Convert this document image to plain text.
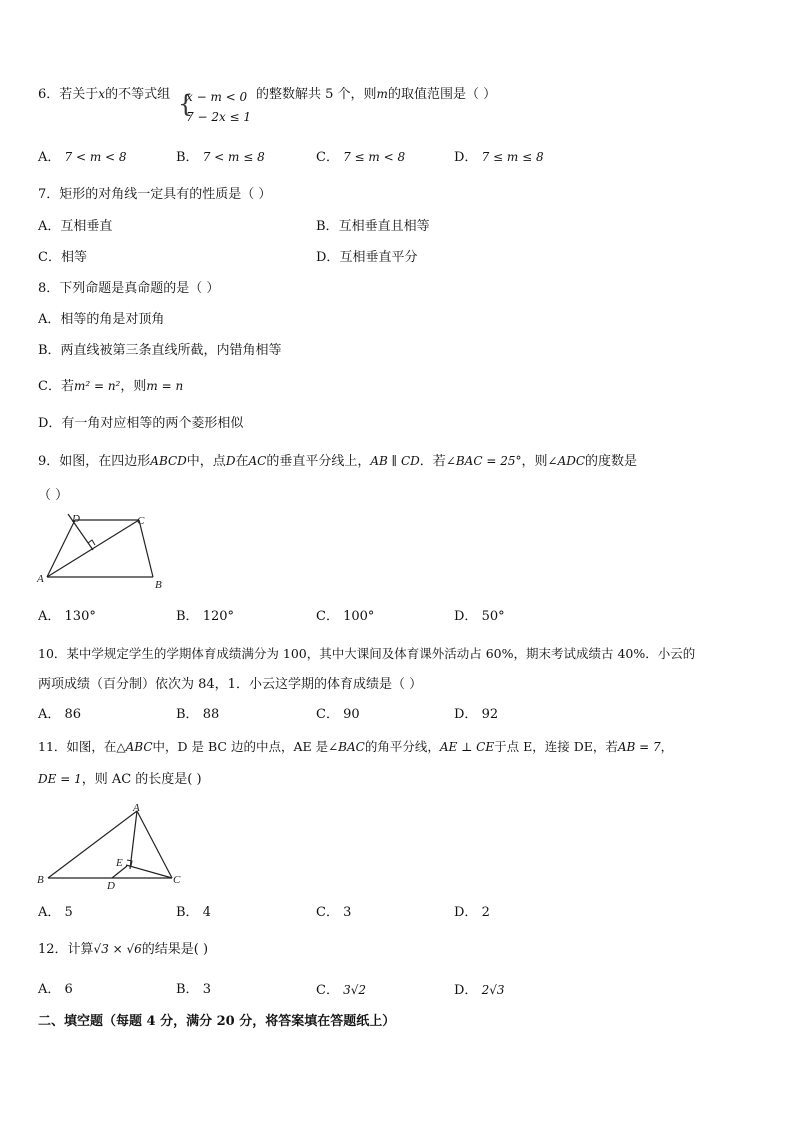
6．若关于x的不等式组 {
x − m < 0
7 − 2x ≤ 1
的整数解共 5 个，则m的取值范围是（ ）
A． 7 < m < 8	B． 7 < m ≤ 8	C． 7 ≤ m < 8	D． 7 ≤ m ≤ 8
7．矩形的对角线一定具有的性质是（ ）
A．互相垂直	B．互相垂直且相等
C．相等	D．互相垂直平分
8．下列命题是真命题的是（ ）
A．相等的角是对顶角
B．两直线被第三条直线所截，内错角相等
C．若m² = n²，则m = n
D．有一角对应相等的两个菱形相似
9．如图，在四边形ABCD中，点D在AC的垂直平分线上，AB ∥ CD．若∠BAC = 25°，则∠ADC的度数是
（ ）
D	C
A	B
A． 130°	B． 120°	C． 100°	D． 50°
10．某中学规定学生的学期体育成绩满分为 100，其中大课间及体育课外活动占 60%，期末考试成绩古 40%．小云的
两项成绩（百分制）依次为 84，1．小云这学期的体育成绩是（ ）
A． 86	B． 88	C． 90	D． 92
11．如图，在△ABC中，D 是 BC 边的中点，AE 是∠BAC的角平分线，AE ⊥ CE于点 E，连接 DE，若AB = 7，
DE = 1，则 AC 的长度是( )
A
B	C
D
E
A． 5	B． 4	C． 3	D． 2
12．计算√3 × √6的结果是( )
A． 6	B． 3	C． 3√2	D． 2√3
二、填空题（每题 4 分，满分 20 分，将答案填在答题纸上）
